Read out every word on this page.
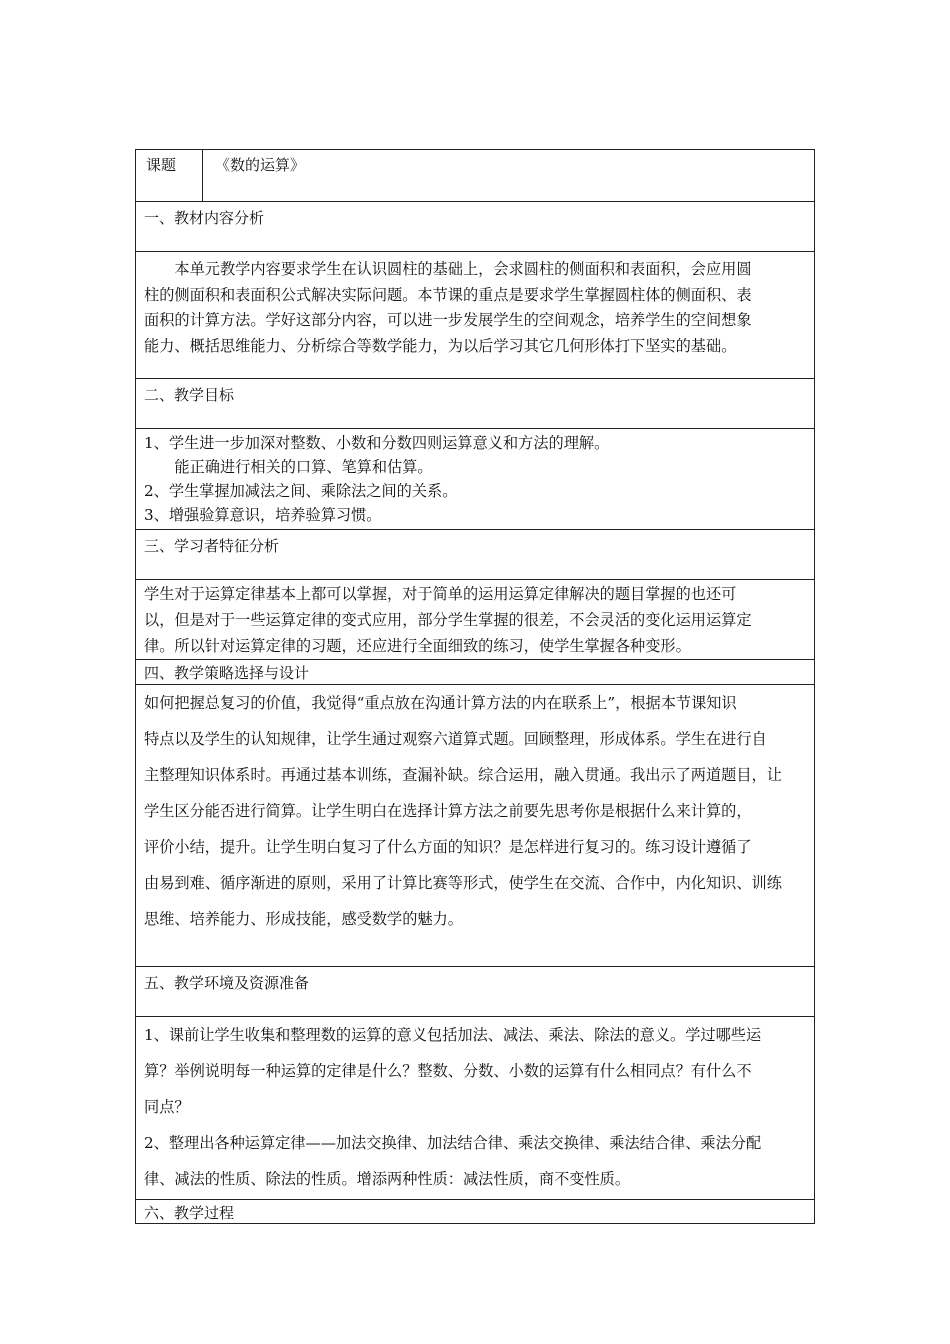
课题	《数的运算》
一、教材内容分析
本单元教学内容要求学生在认识圆柱的基础上，会求圆柱的侧面积和表面积，会应用圆
柱的侧面积和表面积公式解决实际问题。本节课的重点是要求学生掌握圆柱体的侧面积、表
面积的计算方法。学好这部分内容，可以进一步发展学生的空间观念，培养学生的空间想象
能力、概括思维能力、分析综合等数学能力，为以后学习其它几何形体打下坚实的基础。
二、教学目标
1、学生进一步加深对整数、小数和分数四则运算意义和方法的理解。
　　能正确进行相关的口算、笔算和估算。
2、学生掌握加减法之间、乘除法之间的关系。
3、增强验算意识，培养验算习惯。
三、学习者特征分析
学生对于运算定律基本上都可以掌握，对于简单的运用运算定律解决的题目掌握的也还可
以，但是对于一些运算定律的变式应用，部分学生掌握的很差，不会灵活的变化运用运算定
律。所以针对运算定律的习题，还应进行全面细致的练习，使学生掌握各种变形。
四、教学策略选择与设计
如何把握总复习的价值，我觉得“重点放在沟通计算方法的内在联系上”，根据本节课知识
特点以及学生的认知规律，让学生通过观察六道算式题。回顾整理，形成体系。学生在进行自
主整理知识体系时。再通过基本训练，查漏补缺。综合运用，融入贯通。我出示了两道题目，让
学生区分能否进行简算。让学生明白在选择计算方法之前要先思考你是根据什么来计算的，
评价小结，提升。让学生明白复习了什么方面的知识？是怎样进行复习的。练习设计遵循了
由易到难、循序渐进的原则，采用了计算比赛等形式，使学生在交流、合作中，内化知识、训练
思维、培养能力、形成技能，感受数学的魅力。
五、教学环境及资源准备
1、课前让学生收集和整理数的运算的意义包括加法、减法、乘法、除法的意义。学过哪些运
算？举例说明每一种运算的定律是什么？整数、分数、小数的运算有什么相同点？有什么不
同点？
2、整理出各种运算定律——加法交换律、加法结合律、乘法交换律、乘法结合律、乘法分配
律、减法的性质、除法的性质。增添两种性质：减法性质，商不变性质。
六、教学过程
